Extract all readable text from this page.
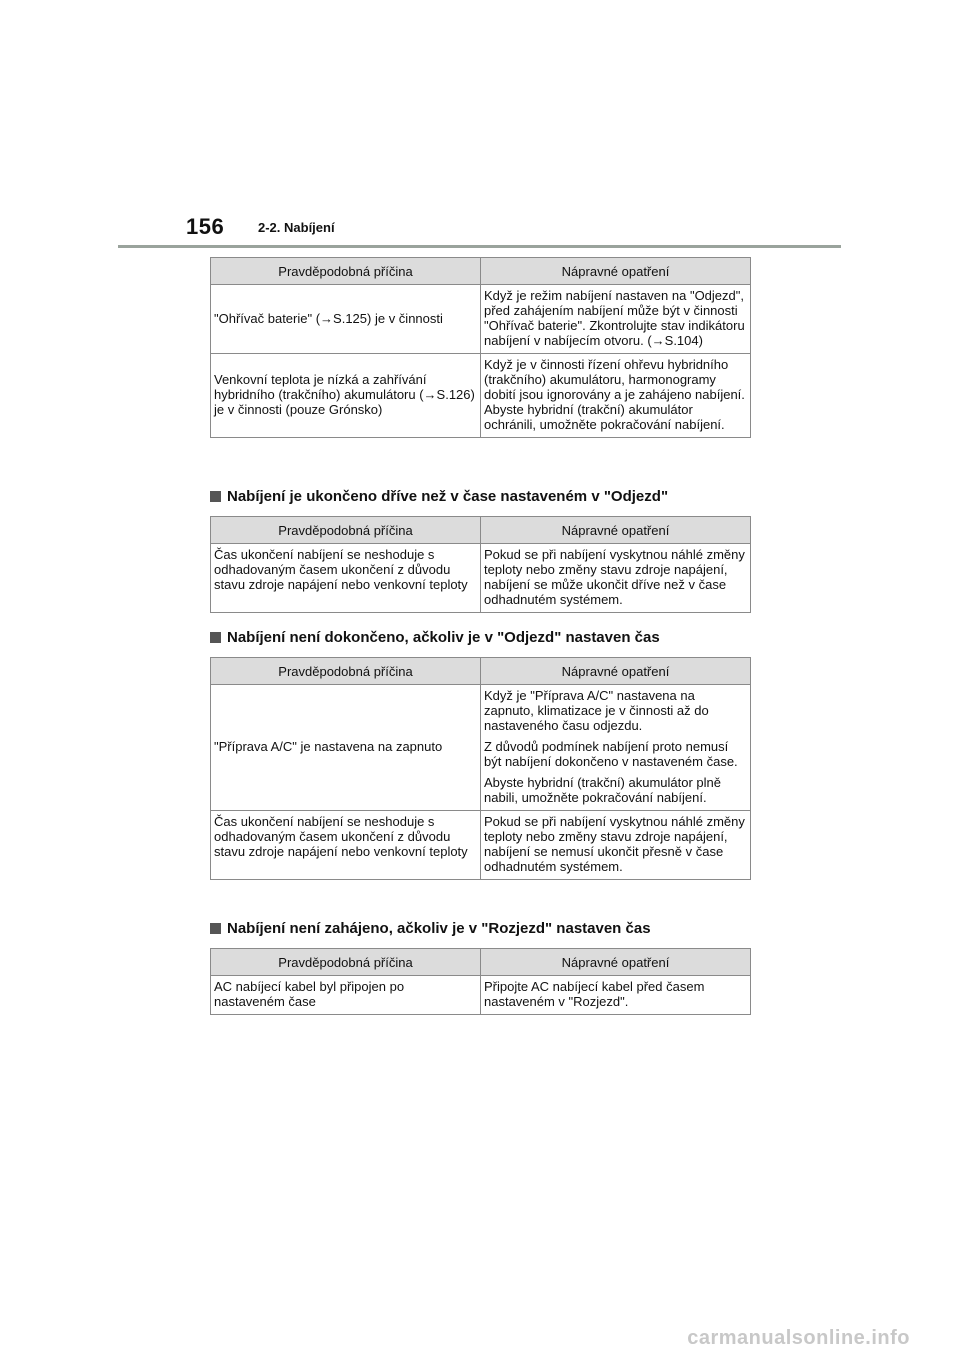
156	2-2. Nabíjení
Pravděpodobná příčina	Nápravné opatření
"Ohřívač baterie" (→S.125) je v činnosti	Když je režim nabíjení nastaven na "Odjezd", před zahájením nabíjení může být v činnosti "Ohřívač baterie". Zkontrolujte stav indikátoru nabíjení v nabíjecím otvoru. (→S.104)

Venkovní teplota je nízká a zahřívání hybridního (trakčního) akumulátoru (→S.126) je v činnosti (pouze Grónsko)	Když je v činnosti řízení ohřevu hybridního (trakčního) akumulátoru, harmonogramy dobití jsou ignorovány a je zahájeno nabíjení. Abyste hybridní (trakční) akumulátor ochránili, umožněte pokračování nabíjení.
Nabíjení je ukončeno dříve než v čase nastaveném v "Odjezd"
Pravděpodobná příčina	Nápravné opatření
Čas ukončení nabíjení se neshoduje s odhadovaným časem ukončení z důvodu stavu zdroje napájení nebo venkovní teploty	Pokud se při nabíjení vyskytnou náhlé změny teploty nebo změny stavu zdroje napájení, nabíjení se může ukončit dříve než v čase odhadnutém systémem.
Nabíjení není dokončeno, ačkoliv je v "Odjezd" nastaven čas
Pravděpodobná příčina	Nápravné opatření
"Příprava A/C" je nastavena na zapnuto	Když je "Příprava A/C" nastavena na zapnuto, klimatizace je v činnosti až do nastaveného času odjezdu.
Z důvodů podmínek nabíjení proto nemusí být nabíjení dokončeno v nastaveném čase.
Abyste hybridní (trakční) akumulátor plně nabili, umožněte pokračování nabíjení.

Čas ukončení nabíjení se neshoduje s odhadovaným časem ukončení z důvodu stavu zdroje napájení nebo venkovní teploty	Pokud se při nabíjení vyskytnou náhlé změny teploty nebo změny stavu zdroje napájení, nabíjení se nemusí ukončit přesně v čase odhadnutém systémem.
Nabíjení není zahájeno, ačkoliv je v "Rozjezd" nastaven čas
Pravděpodobná příčina	Nápravné opatření
AC nabíjecí kabel byl připojen po nastaveném čase	Připojte AC nabíjecí kabel před časem nastaveném v "Rozjezd".
carmanualsonline.info
